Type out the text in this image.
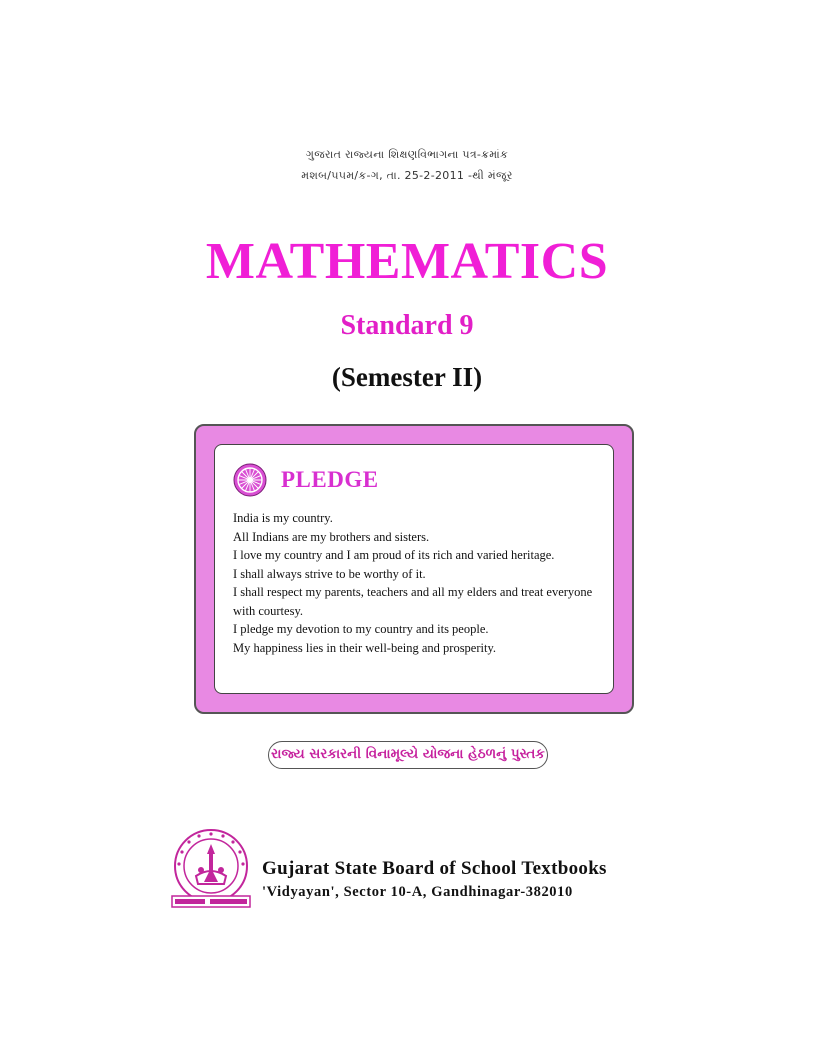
ગુજરાત રાજ્યના શિક્ષણવિભાગના પત્ર-ક્રમાંક
મશબ/૫૫મ/ક-ગ, તા. 25-2-2011 -થી મંજૂર
MATHEMATICS
Standard 9
(Semester II)
PLEDGE
India is my country.
All Indians are my brothers and sisters.
I love my country and I am proud of its rich and varied heritage.
I shall always strive to be worthy of it.
I shall respect my parents, teachers and all my elders and treat everyone with courtesy.
I pledge my devotion to my country and its people.
My happiness lies in their well-being and prosperity.
રાજ્ય સરકારની વિનામૂલ્યે યોજના હેઠળનું પુસ્તક
Gujarat State Board of School Textbooks
'Vidyayan', Sector 10-A, Gandhinagar-382010
